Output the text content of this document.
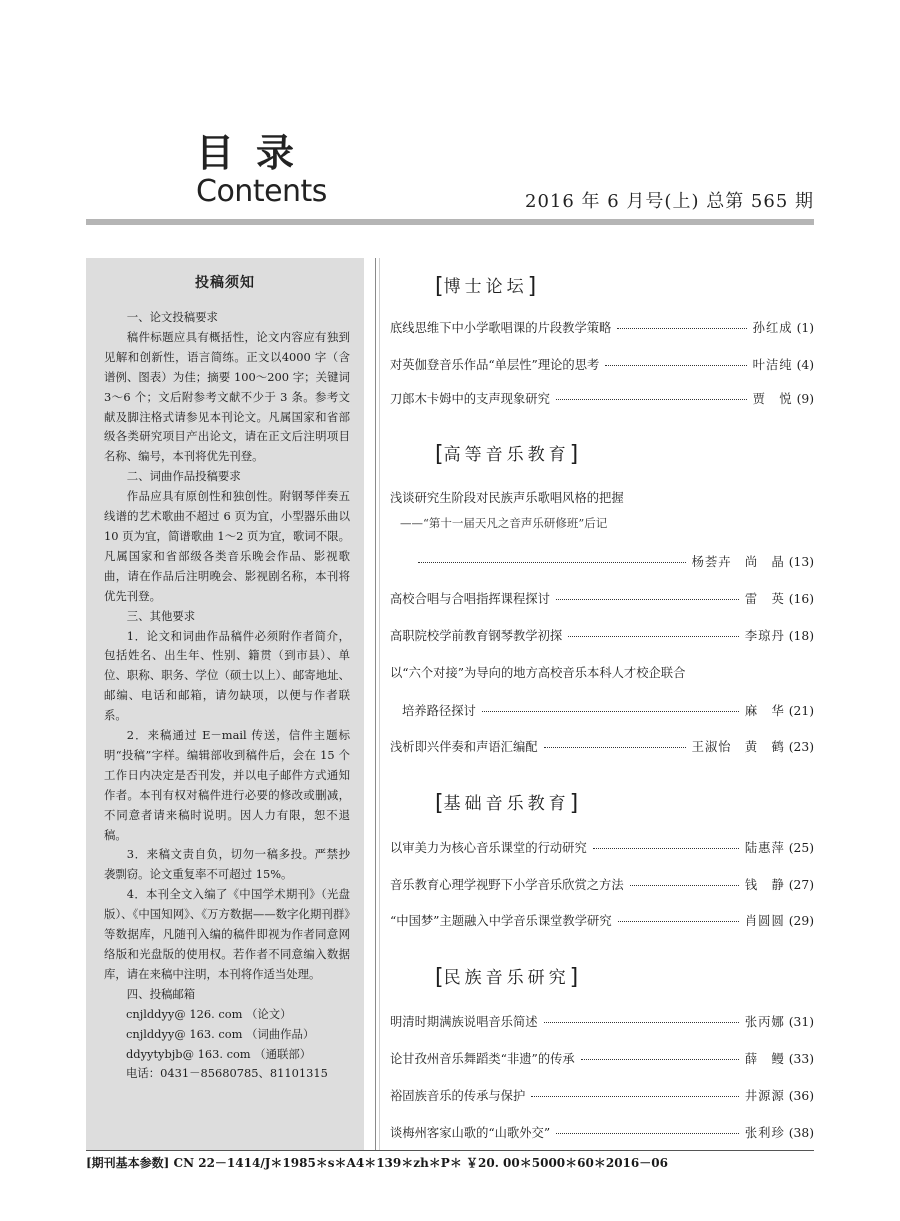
目录
Contents	2016 年 6 月号(上) 总第 565 期
投稿须知
一、论文投稿要求

稿件标题应具有概括性，论文内容应有独到见解和创新性，语言简练。正文以4000 字（含谱例、图表）为佳；摘要 100～200 字；关键词 3～6 个；文后附参考文献不少于 3 条。参考文献及脚注格式请参见本刊论文。凡属国家和省部级各类研究项目产出论文，请在正文后注明项目名称、编号，本刊将优先刊登。

二、词曲作品投稿要求

作品应具有原创性和独创性。附钢琴伴奏五线谱的艺术歌曲不超过 6 页为宜，小型器乐曲以 10 页为宜，简谱歌曲 1～2 页为宜，歌词不限。凡属国家和省部级各类音乐晚会作品、影视歌曲，请在作品后注明晚会、影视剧名称，本刊将优先刊登。

三、其他要求

1．论文和词曲作品稿件必须附作者简介，包括姓名、出生年、性别、籍贯（到市县）、单位、职称、职务、学位（硕士以上）、邮寄地址、邮编、电话和邮箱，请勿缺项，以便与作者联系。

2．来稿通过 E－mail 传送，信件主题标明“投稿”字样。编辑部收到稿件后，会在 15 个工作日内决定是否刊发，并以电子邮件方式通知作者。本刊有权对稿件进行必要的修改或删减，不同意者请来稿时说明。因人力有限，恕不退稿。

3．来稿文责自负，切勿一稿多投。严禁抄袭剽窃。论文重复率不可超过 15%。

4．本刊全文入编了《中国学术期刊》（光盘版）、《中国知网》、《万方数据——数字化期刊群》等数据库，凡随刊入编的稿件即视为作者同意网络版和光盘版的使用权。若作者不同意编入数据库，请在来稿中注明，本刊将作适当处理。

四、投稿邮箱

cnjlddyy@ 126. com （论文）

cnjlddyy@ 163. com （词曲作品）

ddyytybjb@ 163. com （通联部）

电话：0431－85680785、81101315

[博士论坛]
底线思维下中小学歌唱课的片段教学策略	孙红成 (1)
对英伽登音乐作品“单层性”理论的思考	叶洁纯 (4)
刀郎木卡姆中的支声现象研究	贾　悦 (9)
[高等音乐教育]
浅谈研究生阶段对民族声乐歌唱风格的把握
——“第十一届天凡之音声乐研修班”后记
杨荟卉　尚　晶 (13)
高校合唱与合唱指挥课程探讨	雷　英 (16)
高职院校学前教育钢琴教学初探	李琼丹 (18)
以“六个对接”为导向的地方高校音乐本科人才校企联合
培养路径探讨	麻　华 (21)
浅析即兴伴奏和声语汇编配	王淑怡　黄　鹤 (23)
[基础音乐教育]
以审美力为核心音乐课堂的行动研究	陆惠萍 (25)
音乐教育心理学视野下小学音乐欣赏之方法	钱　静 (27)
“中国梦”主题融入中学音乐课堂教学研究	肖圆圆 (29)
[民族音乐研究]
明清时期满族说唱音乐简述	张丙娜 (31)
论甘孜州音乐舞蹈类“非遗”的传承	薛　鳗 (33)
裕固族音乐的传承与保护	井源源 (36)
谈梅州客家山歌的“山歌外交”	张利珍 (38)
[期刊基本参数] CN 22－1414/J＊1985＊s＊A4＊139＊zh＊P＊ ￥20. 00＊5000＊60＊2016－06
